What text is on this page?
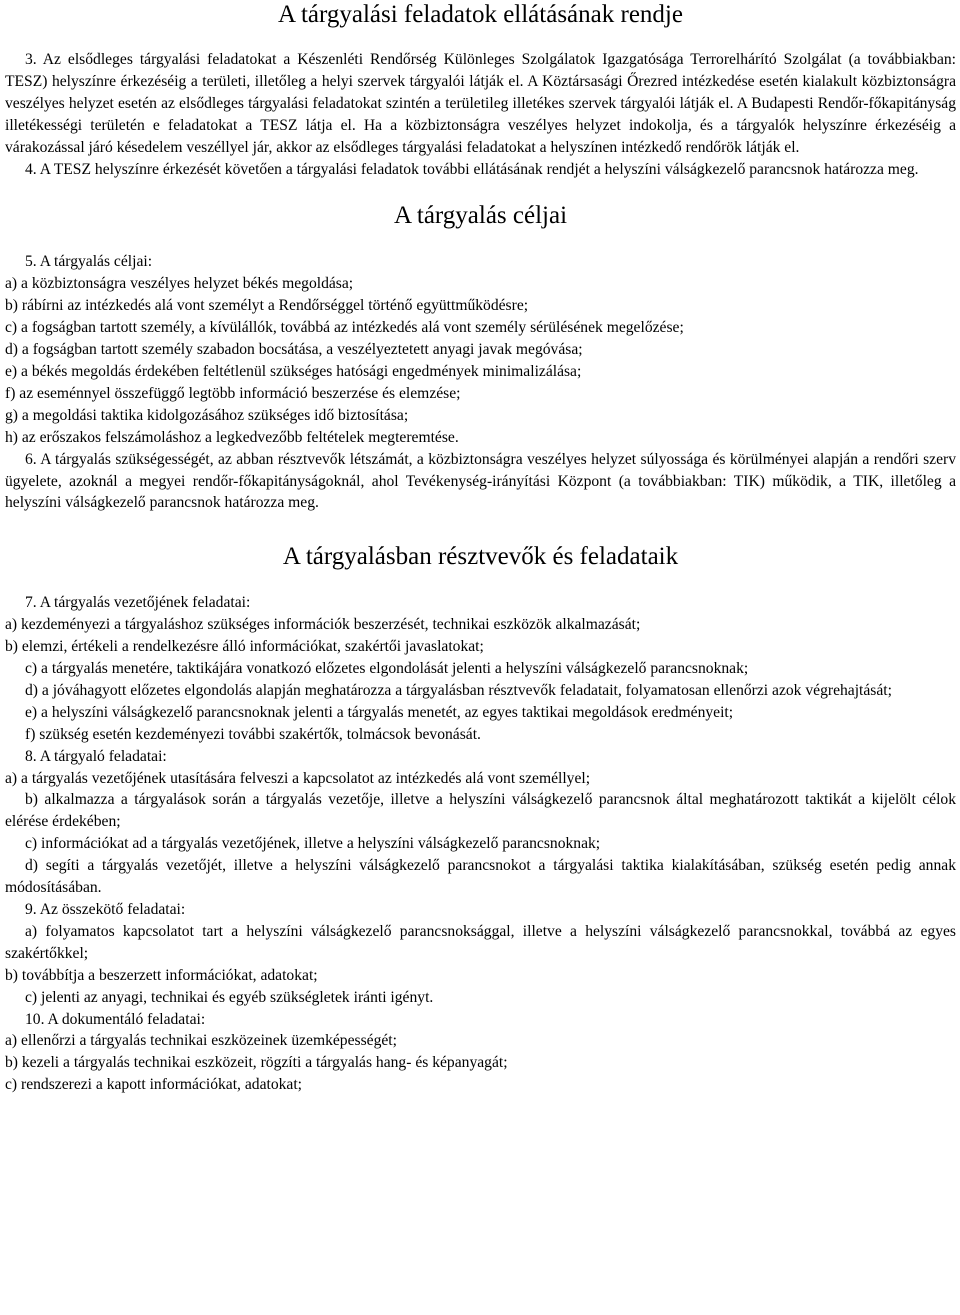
A tárgyalási feladatok ellátásának rendje

3. Az elsődleges tárgyalási feladatokat a Készenléti Rendőrség Különleges Szolgálatok Igazgatósága Terrorelhárító Szolgálat (a továbbiakban: TESZ) helyszínre érkezéséig a területi, illetőleg a helyi szervek tárgyalói látják el. A Köztársasági Őrezred intézkedése esetén kialakult közbiztonságra veszélyes helyzet esetén az elsődleges tárgyalási feladatokat szintén a területileg illetékes szervek tárgyalói látják el. A Budapesti Rendőr-főkapitányság illetékességi területén e feladatokat a TESZ látja el. Ha a közbiztonságra veszélyes helyzet indokolja, és a tárgyalók helyszínre érkezéséig a várakozással járó késedelem veszéllyel jár, akkor az elsődleges tárgyalási feladatokat a helyszínen intézkedő rendőrök látják el.

4. A TESZ helyszínre érkezését követően a tárgyalási feladatok további ellátásának rendjét a helyszíni válságkezelő parancsnok határozza meg.

A tárgyalás céljai

5. A tárgyalás céljai:

a) a közbiztonságra veszélyes helyzet békés megoldása;

b) rábírni az intézkedés alá vont személyt a Rendőrséggel történő együttműködésre;

c) a fogságban tartott személy, a kívülállók, továbbá az intézkedés alá vont személy sérülésének megelőzése;

d) a fogságban tartott személy szabadon bocsátása, a veszélyeztetett anyagi javak megóvása;

e) a békés megoldás érdekében feltétlenül szükséges hatósági engedmények minimalizálása;

f) az eseménnyel összefüggő legtöbb információ beszerzése és elemzése;

g) a megoldási taktika kidolgozásához szükséges idő biztosítása;

h) az erőszakos felszámoláshoz a legkedvezőbb feltételek megteremtése.

6. A tárgyalás szükségességét, az abban résztvevők létszámát, a közbiztonságra veszélyes helyzet súlyossága és körülményei alapján a rendőri szerv ügyelete, azoknál a megyei rendőr-főkapitányságoknál, ahol Tevékenység-irányítási Központ (a továbbiakban: TIK) működik, a TIK, illetőleg a helyszíni válságkezelő parancsnok határozza meg.

A tárgyalásban résztvevők és feladataik

7. A tárgyalás vezetőjének feladatai:

a) kezdeményezi a tárgyaláshoz szükséges információk beszerzését, technikai eszközök alkalmazását;

b) elemzi, értékeli a rendelkezésre álló információkat, szakértői javaslatokat;

c) a tárgyalás menetére, taktikájára vonatkozó előzetes elgondolását jelenti a helyszíni válságkezelő parancsnoknak;

d) a jóváhagyott előzetes elgondolás alapján meghatározza a tárgyalásban résztvevők feladatait, folyamatosan ellenőrzi azok végrehajtását;

e) a helyszíni válságkezelő parancsnoknak jelenti a tárgyalás menetét, az egyes taktikai megoldások eredményeit;

f) szükség esetén kezdeményezi további szakértők, tolmácsok bevonását.

8. A tárgyaló feladatai:

a) a tárgyalás vezetőjének utasítására felveszi a kapcsolatot az intézkedés alá vont személlyel;

b) alkalmazza a tárgyalások során a tárgyalás vezetője, illetve a helyszíni válságkezelő parancsnok által meghatározott taktikát a kijelölt célok elérése érdekében;

c) információkat ad a tárgyalás vezetőjének, illetve a helyszíni válságkezelő parancsnoknak;

d) segíti a tárgyalás vezetőjét, illetve a helyszíni válságkezelő parancsnokot a tárgyalási taktika kialakításában, szükség esetén pedig annak módosításában.

9. Az összekötő feladatai:

a) folyamatos kapcsolatot tart a helyszíni válságkezelő parancsnoksággal, illetve a helyszíni válságkezelő parancsnokkal, továbbá az egyes szakértőkkel;

b) továbbítja a beszerzett információkat, adatokat;

c) jelenti az anyagi, technikai és egyéb szükségletek iránti igényt.

10. A dokumentáló feladatai:

a) ellenőrzi a tárgyalás technikai eszközeinek üzemképességét;

b) kezeli a tárgyalás technikai eszközeit, rögzíti a tárgyalás hang- és képanyagát;

c) rendszerezi a kapott információkat, adatokat;
